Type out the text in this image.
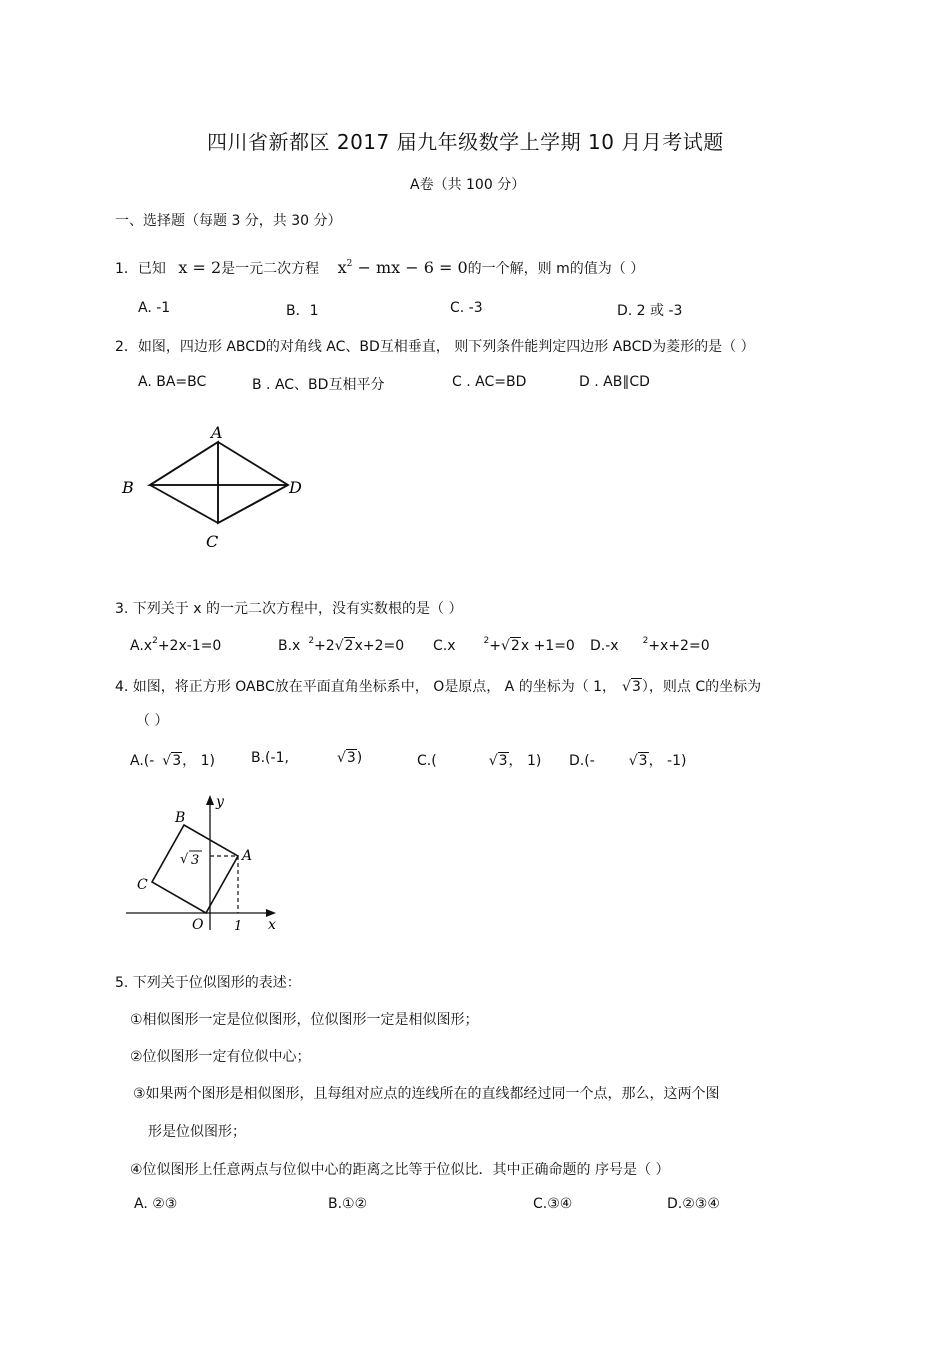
四川省新都区 2017 届九年级数学上学期 10 月月考试题
A卷（共 100 分）
一、选择题（每题 3 分，共 30 分）
1．已知 x = 2是一元二次方程 $x^2$ − mx − 6 = 0的一个解，则 m的值为（ ）
A. -1	B．1	C. -3	D. 2 或 -3
2．如图，四边形 ABCD的对角线 AC、BD互相垂直， 则下列条件能判定四边形 ABCD为菱形的是（ ）
A. BA=BC	B . AC、BD互相平分	C . AC=BD	D . AB∥CD
A
B
C
D
3. 下列关于 x 的一元二次方程中，没有实数根的是（ ）
$A.x^2+2x-1=0$	B.x $^2$+2√2x+2=0 C.x	$^2$+√2x +1=0 D.-x	$^2$+x+2=0
4. 如图，将正方形 OABC放在平面直角坐标系中， O是原点， A 的坐标为（ 1， √3），则点 C的坐标为
（ ）
A.(- √3， 1)	B.(-1,	√3)	C.(	√3， 1) D.(- √3， -1)
B
A
C
O
y
x
1
√ 3
5. 下列关于位似图形的表述：
①相似图形一定是位似图形，位似图形一定是相似图形；
②位似图形一定有位似中心；
③如果两个图形是相似图形，且每组对应点的连线所在的直线都经过同一个点，那么，这两个图
形是位似图形；
④位似图形上任意两点与位似中心的距离之比等于位似比．其中正确命题的 序号是（ ）
A. ②③	B.①②	C.③④	D.②③④
